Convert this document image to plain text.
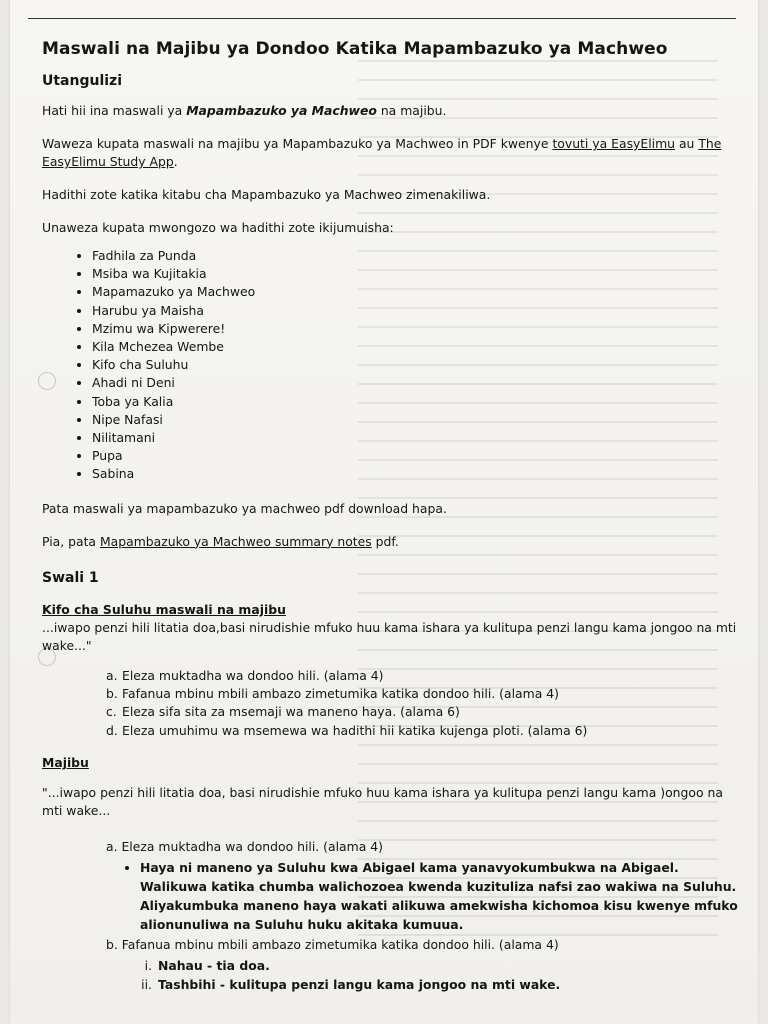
Maswali na Majibu ya Dondoo Katika Mapambazuko ya Machweo
Utangulizi

Hati hii ina maswali ya Mapambazuko ya Machweo na majibu.

Waweza kupata maswali na majibu ya Mapambazuko ya Machweo in PDF kwenye tovuti ya EasyElimu au The EasyElimu Study App.

Hadithi zote katika kitabu cha Mapambazuko ya Machweo zimenakiliwa.

Unaweza kupata mwongozo wa hadithi zote ikijumuisha:

• Fadhila za Punda
• Msiba wa Kujitakia
• Mapamazuko ya Machweo
• Harubu ya Maisha
• Mzimu wa Kipwerere!
• Kila Mchezea Wembe
• Kifo cha Suluhu
• Ahadi ni Deni
• Toba ya Kalia
• Nipe Nafasi
• Nilitamani
• Pupa
• Sabina

Pata maswali ya mapambazuko ya machweo pdf download hapa.

Pia, pata Mapambazuko ya Machweo summary notes pdf.

Swali 1
Kifo cha Suluhu maswali na majibu
...iwapo penzi hili litatia doa,basi nirudishie mfuko huu kama ishara ya kulitupa penzi langu kama jongoo na mti wake..."
a. Eleza muktadha wa dondoo hili. (alama 4)
b. Fafanua mbinu mbili ambazo zimetumika katika dondoo hili. (alama 4)
c. Eleza sifa sita za msemaji wa maneno haya. (alama 6)
d. Eleza umuhimu wa msemewa wa hadithi hii katika kujenga ploti. (alama 6)
Majibu
"...iwapo penzi hili litatia doa, basi nirudishie mfuko huu kama ishara ya kulitupa penzi langu kama )ongoo na mti wake...
a. Eleza muktadha wa dondoo hili. (alama 4)
• Haya ni maneno ya Suluhu kwa Abigael kama yanavyokumbukwa na Abigael. Walikuwa katika chumba walichozoea kwenda kuzituliza nafsi zao wakiwa na Suluhu. Aliyakumbuka maneno haya wakati alikuwa amekwisha kichomoa kisu kwenye mfuko alionunuliwa na Suluhu huku akitaka kumuua.
b. Fafanua mbinu mbili ambazo zimetumika katika dondoo hili. (alama 4)
i. Nahau - tia doa.
ii. Tashbihi - kulitupa penzi langu kama jongoo na mti wake.
